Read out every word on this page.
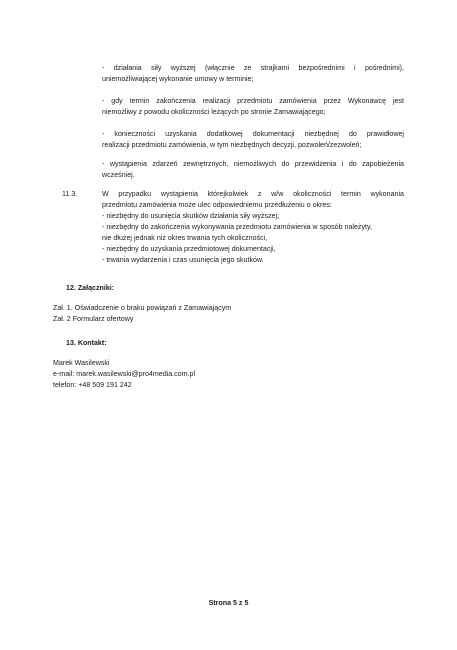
- działania siły wyższej (włącznie ze strajkami bezpośrednimi i pośrednimi),
uniemożliwiającej wykonanie umowy w terminie;
- gdy termin zakończenia realizacji przedmiotu zamówienia przez Wykonawcę jest
niemożliwy z powodu okoliczności leżących po stronie Zamawiającego;
- konieczności uzyskania dodatkowej dokumentacji niezbędnej do prawidłowej
realizacji przedmiotu zamówienia, w tym niezbędnych decyzji, pozwoleń/zezwoleń;
- wystąpienia zdarzeń zewnętrznych, niemożliwych do przewidzenia i do zapobieżenia
wcześniej.
11.3.	W przypadku wystąpienia którejkolwiek z w/w okoliczności termin wykonania
przedmiotu zamówienia może ulec odpowiedniemu przedłużeniu o okres:
- niezbędny do usunięcia skutków działania siły wyższej;
- niezbędny do zakończenia wykonywania przedmiotu zamówienia w sposób należyty,
nie dłużej jednak niż okres trwania tych okoliczności,
- niezbędny do uzyskania przedmiotowej dokumentacji,
- trwania wydarzenia i czas usunięcia jego skutków.
12. Załączniki:
Zał. 1. Oświadczenie o braku powiązań z Zamawiającym
Zał. 2 Formularz ofertowy
13. Kontakt:
Marek Wasilewski
e-mail: marek.wasilewski@pro4media.com.pl
telefon: +48 509 191 242
Strona 5 z 5
